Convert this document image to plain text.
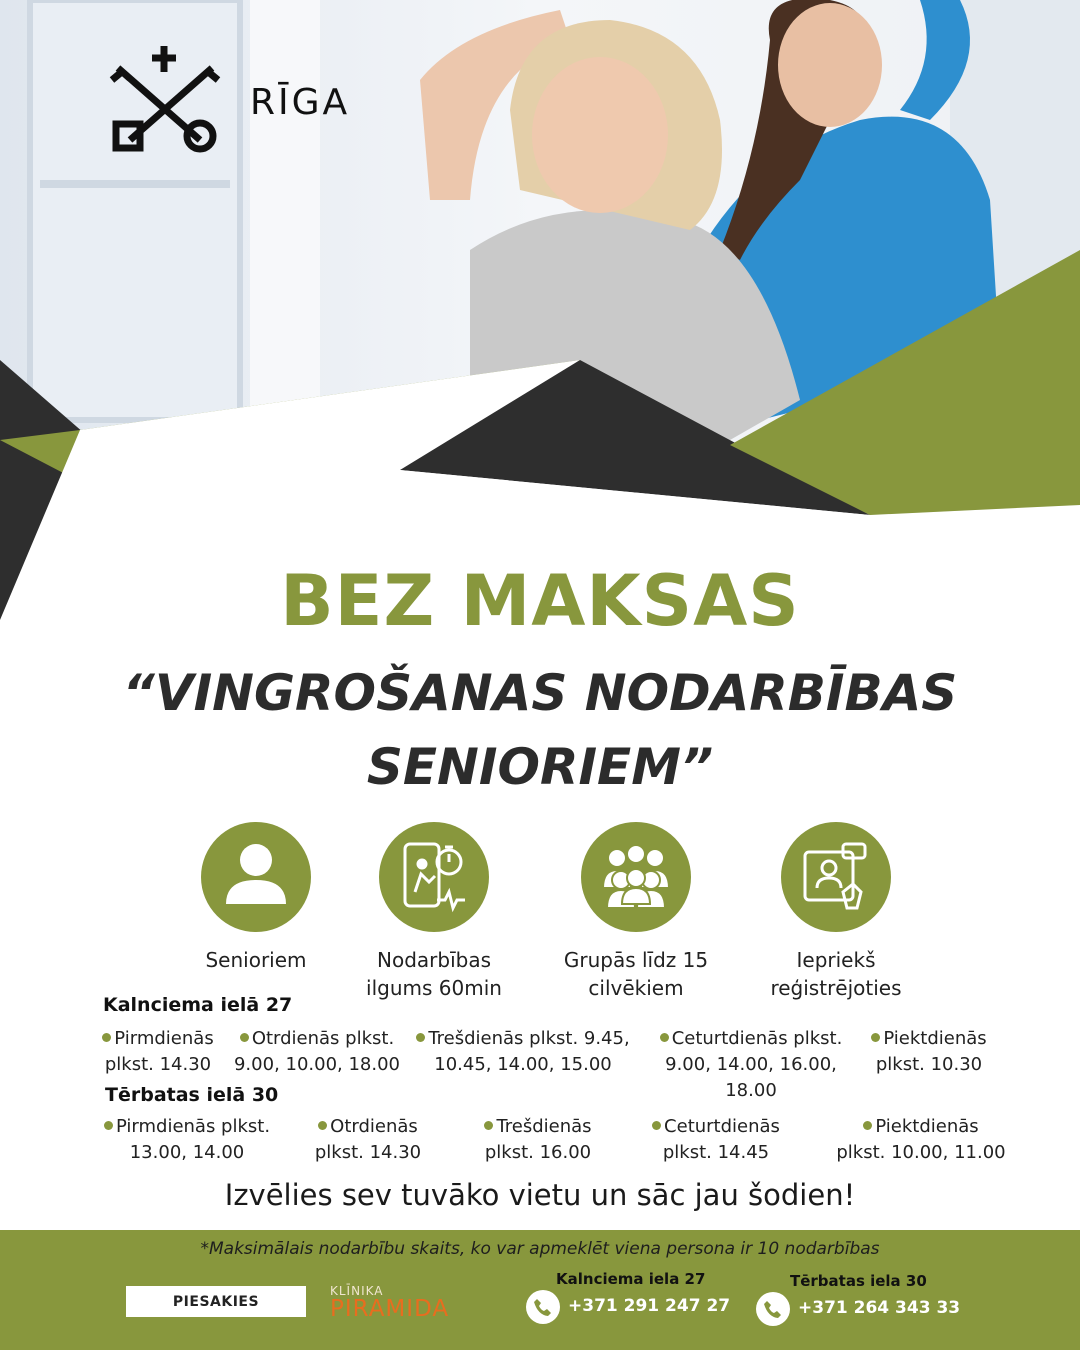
RĪGA
BEZ MAKSAS
“VINGROŠANAS NODARBĪBAS
SENIORIEM”
Senioriem	Nodarbības
ilgums 60min
Grupās līdz 15
cilvēkiem
Iepriekš
reģistrējoties
Kalnciema ielā 27
Pirmdienās
plkst. 14.30
Otrdienās plkst.
9.00, 10.00, 18.00
Trešdienās plkst. 9.45,
10.45, 14.00, 15.00
Ceturtdienās plkst.
9.00, 14.00, 16.00, 18.00
Piektdienās
plkst. 10.30
Tērbatas ielā 30
Pirmdienās plkst.
13.00, 14.00
Otrdienās
plkst. 14.30
Trešdienās
plkst. 16.00
Ceturtdienās
plkst. 14.45
Piektdienās
plkst. 10.00, 11.00
Izvēlies sev tuvāko vietu un sāc jau šodien!
*Maksimālais nodarbību skaits, ko var apmeklēt viena persona ir 10 nodarbības
PIESAKIES
KLĪNIKA
PIRAMIDA
Kalnciema iela 27
+371 291 247 27
Tērbatas iela 30
+371 264 343 33
